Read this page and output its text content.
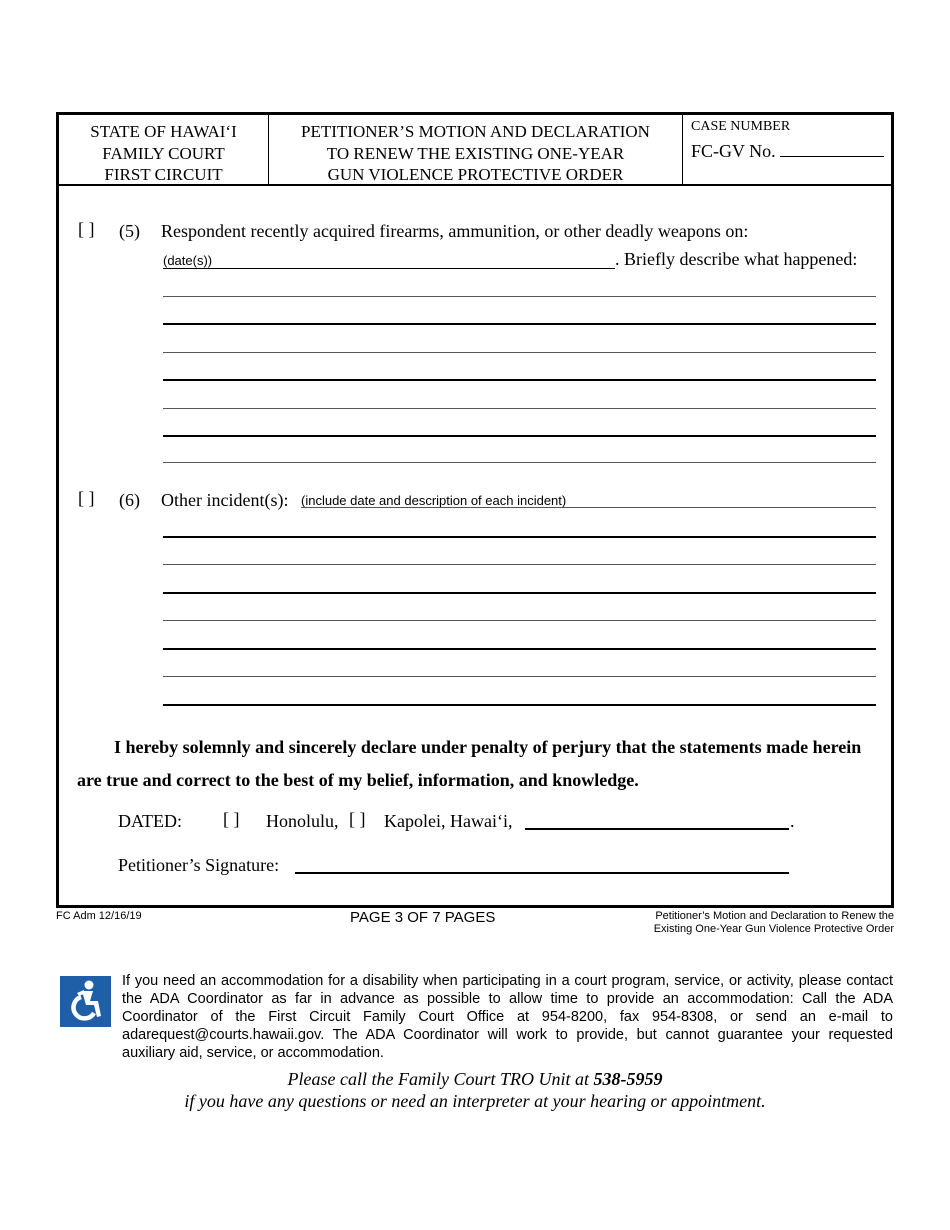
STATE OF HAWAI‘I
FAMILY COURT
FIRST CIRCUIT
PETITIONER’S MOTION AND DECLARATION
TO RENEW THE EXISTING ONE-YEAR
GUN VIOLENCE PROTECTIVE ORDER
CASE NUMBER
FC-GV No.
[ ] (5) Respondent recently acquired firearms, ammunition, or other deadly weapons on:
(date(s))	. Briefly describe what happened:
[ ] (6) Other incident(s): (include date and description of each incident)
I hereby solemnly and sincerely declare under penalty of perjury that the statements made herein
are true and correct to the best of my belief, information, and knowledge.
DATED: [ ] Honolulu, [ ] Kapolei, Hawai‘i,	.
Petitioner’s Signature:
FC Adm 12/16/19	PAGE 3 OF 7 PAGES	Petitioner’s Motion and Declaration to Renew the
Existing One-Year Gun Violence Protective Order
If you need an accommodation for a disability when participating in a court program, service, or activity, please contact the ADA Coordinator as far in advance as possible to allow time to provide an accommodation: Call the ADA Coordinator of the First Circuit Family Court Office at 954-8200, fax 954-8308, or send an e-mail to adarequest@courts.hawaii.gov. The ADA Coordinator will work to provide, but cannot guarantee your requested auxiliary aid, service, or accommodation.
Please call the Family Court TRO Unit at 538-5959
if you have any questions or need an interpreter at your hearing or appointment.
